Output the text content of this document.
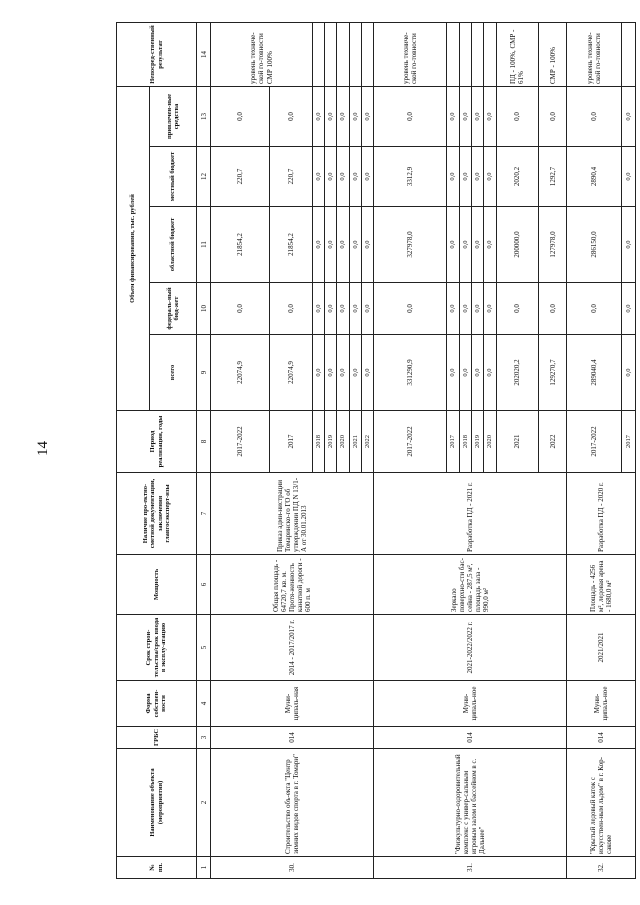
14
№ пп.	Наименование объекта (мероприятия)	ГРБС	Форма собствен-ности	Срок строи-тельства/срок ввода в эксплу-атацию	Мощность	Наличие про-ектно-сметной документации, заключения главгосэксперт-изы	Период реализации, годы	Объем финансирования, тыс. рублей					Непосред-ственный результат
								всего	федераль-ный бюд-жет	областной бюджет	местный бюджет	привлечен-ные средства	
1	2	3	4	5	6	7	8	9	10	11	12	13	14
30.	Строительство объ-екта "Центр зимних видов спорта в г. Томари"	014	Муни-ципаль-ная	2014 - 2017/2017 г.	Общая площадь - 64720,7 кв. м. Протя-женность канатной дороги - 600 п. м	Приказ адми-нистрации Томаринско-го ГО об утверждении ПД N 13/1-А от 30.01.2013	2017-2022	22074,9	0,0	21854,2	220,7	0,0	уровень техниче-ской го-товности СМР 100%
							2017	22074,9	0,0	21854,2	220,7	0,0	
							2018	0,0	0,0	0,0	0,0	0,0	
							2019	0,0	0,0	0,0	0,0	0,0	
							2020	0,0	0,0	0,0	0,0	0,0	
							2021	0,0	0,0	0,0	0,0	0,0	
							2022	0,0	0,0	0,0	0,0	0,0	
31.	"Физкультурно-оздоровительный комплекс с универ-сальным игровым залом и бассейном в с. Дальнее"	014	Муни-ципаль-ное	2021-2022/2022 г.	Зеркало поверхно-сти бас-сейна - 287,5 м², площадь зала - 990,0 м²	Разработка ПД - 2021 г.	2017-2022	331290,9	0,0	327978,0	3312,9	0,0	уровень техниче-ской го-товности
							2017	0,0	0,0	0,0	0,0	0,0	
							2018	0,0	0,0	0,0	0,0	0,0	
							2019	0,0	0,0	0,0	0,0	0,0	
							2020	0,0	0,0	0,0	0,0	0,0	
							2021	202020,2	0,0	200000,0	2020,2	0,0	ПД - 100%, СМР - 61%
							2022	129270,7	0,0	127978,0	1292,7	0,0	СМР - 100%
32.	"Крытый ледовый каток с искусствен-ным льдом" в г. Кор-сакове	014	Муни-ципаль-ное	2021/2021	Площадь - 4256 м², ледовая арена - 1680,0 м²	Разработка ПД - 2020 г.	2017-2022	289040,4	0,0	286150,0	2890,4	0,0	уровень техниче-ской го-товности
							2017	0,0	0,0	0,0	0,0	0,0	
